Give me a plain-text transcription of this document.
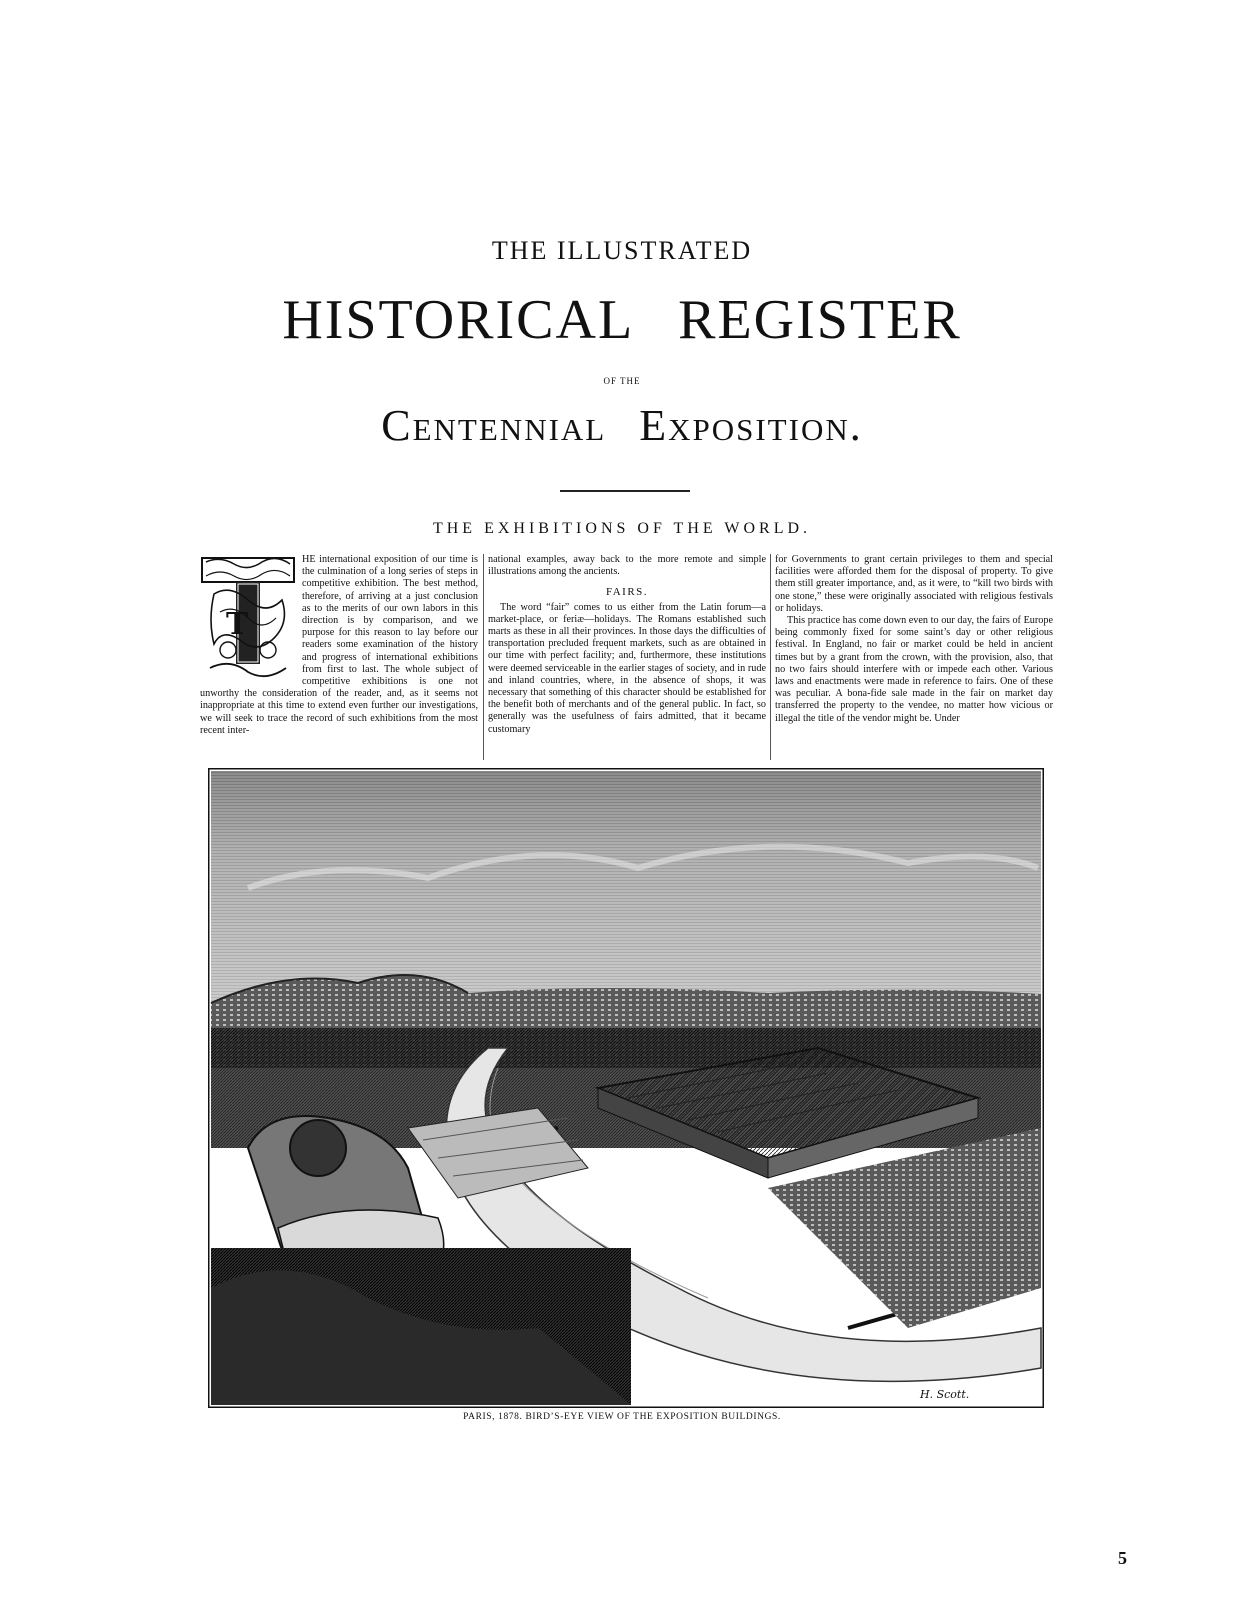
THE ILLUSTRATED
HISTORICAL REGISTER
OF THE
Centennial Exposition.
THE EXHIBITIONS OF THE WORLD.
T

HE international exposition of our time is the culmination of a long series of steps in competitive exhibition. The best method, therefore, of arriving at a just conclusion as to the merits of our own labors in this direction is by comparison, and we purpose for this reason to lay before our readers some examination of the history and progress of international exhibitions from first to last. The whole subject of competitive exhibitions is one not unworthy the consideration of the reader, and, as it seems not inappropriate at this time to extend even further our investigations, we will seek to trace the record of such exhibitions from the most recent inter-

national examples, away back to the more remote and simple illustrations among the ancients.

FAIRS.

The word “fair” comes to us either from the Latin forum—a market-place, or feriæ—holidays. The Romans established such marts as these in all their provinces. In those days the difficulties of transportation precluded frequent markets, such as are obtained in our time with perfect facility; and, furthermore, these institutions were deemed serviceable in the earlier stages of society, and in rude and inland countries, where, in the absence of shops, it was necessary that something of this character should be established for the benefit both of merchants and of the general public. In fact, so generally was the usefulness of fairs admitted, that it became customary

for Governments to grant certain privileges to them and special facilities were afforded them for the disposal of property. To give them still greater importance, and, as it were, to “kill two birds with one stone,” these were originally associated with religious festivals or holidays.

This practice has come down even to our day, the fairs of Europe being commonly fixed for some saint’s day or other religious festival. In England, no fair or market could be held in ancient times but by a grant from the crown, with the provision, also, that no two fairs should interfere with or impede each other. Various laws and enactments were made in reference to fairs. One of these was peculiar. A bona-fide sale made in the fair on market day transferred the property to the vendee, no matter how vicious or illegal the title of the vendor might be. Under

H. Scott.
PARIS, 1878. BIRD’S-EYE VIEW OF THE EXPOSITION BUILDINGS.
5
